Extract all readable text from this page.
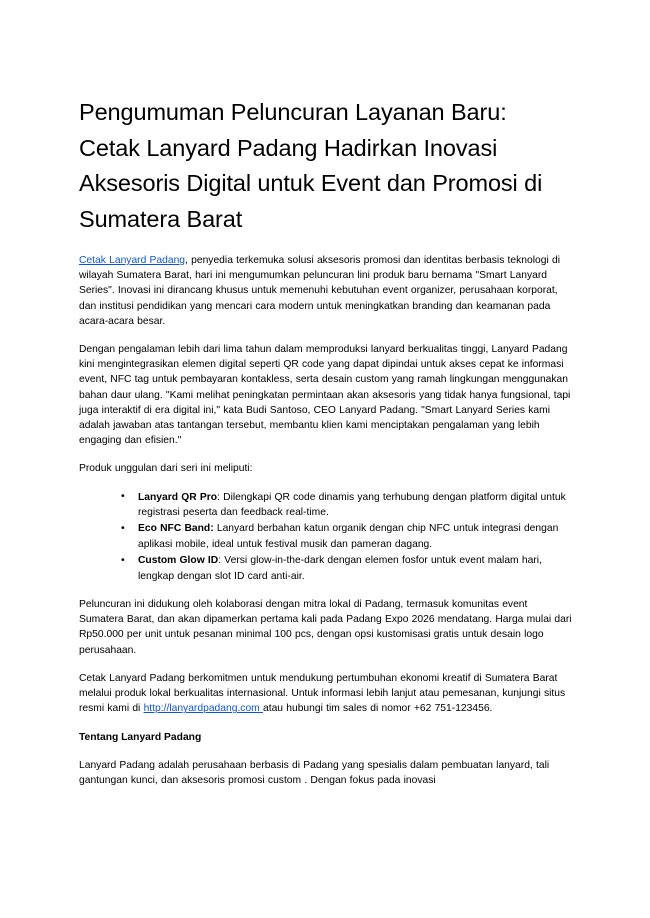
Pengumuman Peluncuran Layanan Baru: Cetak Lanyard Padang Hadirkan Inovasi Aksesoris Digital untuk Event dan Promosi di Sumatera Barat

Cetak Lanyard Padang, penyedia terkemuka solusi aksesoris promosi dan identitas berbasis teknologi di wilayah Sumatera Barat, hari ini mengumumkan peluncuran lini produk baru bernama "Smart Lanyard Series". Inovasi ini dirancang khusus untuk memenuhi kebutuhan event organizer, perusahaan korporat, dan institusi pendidikan yang mencari cara modern untuk meningkatkan branding dan keamanan pada acara-acara besar.

Dengan pengalaman lebih dari lima tahun dalam memproduksi lanyard berkualitas tinggi, Lanyard Padang kini mengintegrasikan elemen digital seperti QR code yang dapat dipindai untuk akses cepat ke informasi event, NFC tag untuk pembayaran kontakless, serta desain custom yang ramah lingkungan menggunakan bahan daur ulang. "Kami melihat peningkatan permintaan akan aksesoris yang tidak hanya fungsional, tapi juga interaktif di era digital ini," kata Budi Santoso, CEO Lanyard Padang. "Smart Lanyard Series kami adalah jawaban atas tantangan tersebut, membantu klien kami menciptakan pengalaman yang lebih engaging dan efisien."

Produk unggulan dari seri ini meliputi:

• Lanyard QR Pro: Dilengkapi QR code dinamis yang terhubung dengan platform digital untuk registrasi peserta dan feedback real-time.
• Eco NFC Band: Lanyard berbahan katun organik dengan chip NFC untuk integrasi dengan aplikasi mobile, ideal untuk festival musik dan pameran dagang.
• Custom Glow ID: Versi glow-in-the-dark dengan elemen fosfor untuk event malam hari, lengkap dengan slot ID card anti-air.

Peluncuran ini didukung oleh kolaborasi dengan mitra lokal di Padang, termasuk komunitas event Sumatera Barat, dan akan dipamerkan pertama kali pada Padang Expo 2026 mendatang. Harga mulai dari Rp50.000 per unit untuk pesanan minimal 100 pcs, dengan opsi kustomisasi gratis untuk desain logo perusahaan.

Cetak Lanyard Padang berkomitmen untuk mendukung pertumbuhan ekonomi kreatif di Sumatera Barat melalui produk lokal berkualitas internasional. Untuk informasi lebih lanjut atau pemesanan, kunjungi situs resmi kami di http://lanyardpadang.com atau hubungi tim sales di nomor +62 751-123456.

Tentang Lanyard Padang

Lanyard Padang adalah perusahaan berbasis di Padang yang spesialis dalam pembuatan lanyard, tali gantungan kunci, dan aksesoris promosi custom . Dengan fokus pada inovasi
